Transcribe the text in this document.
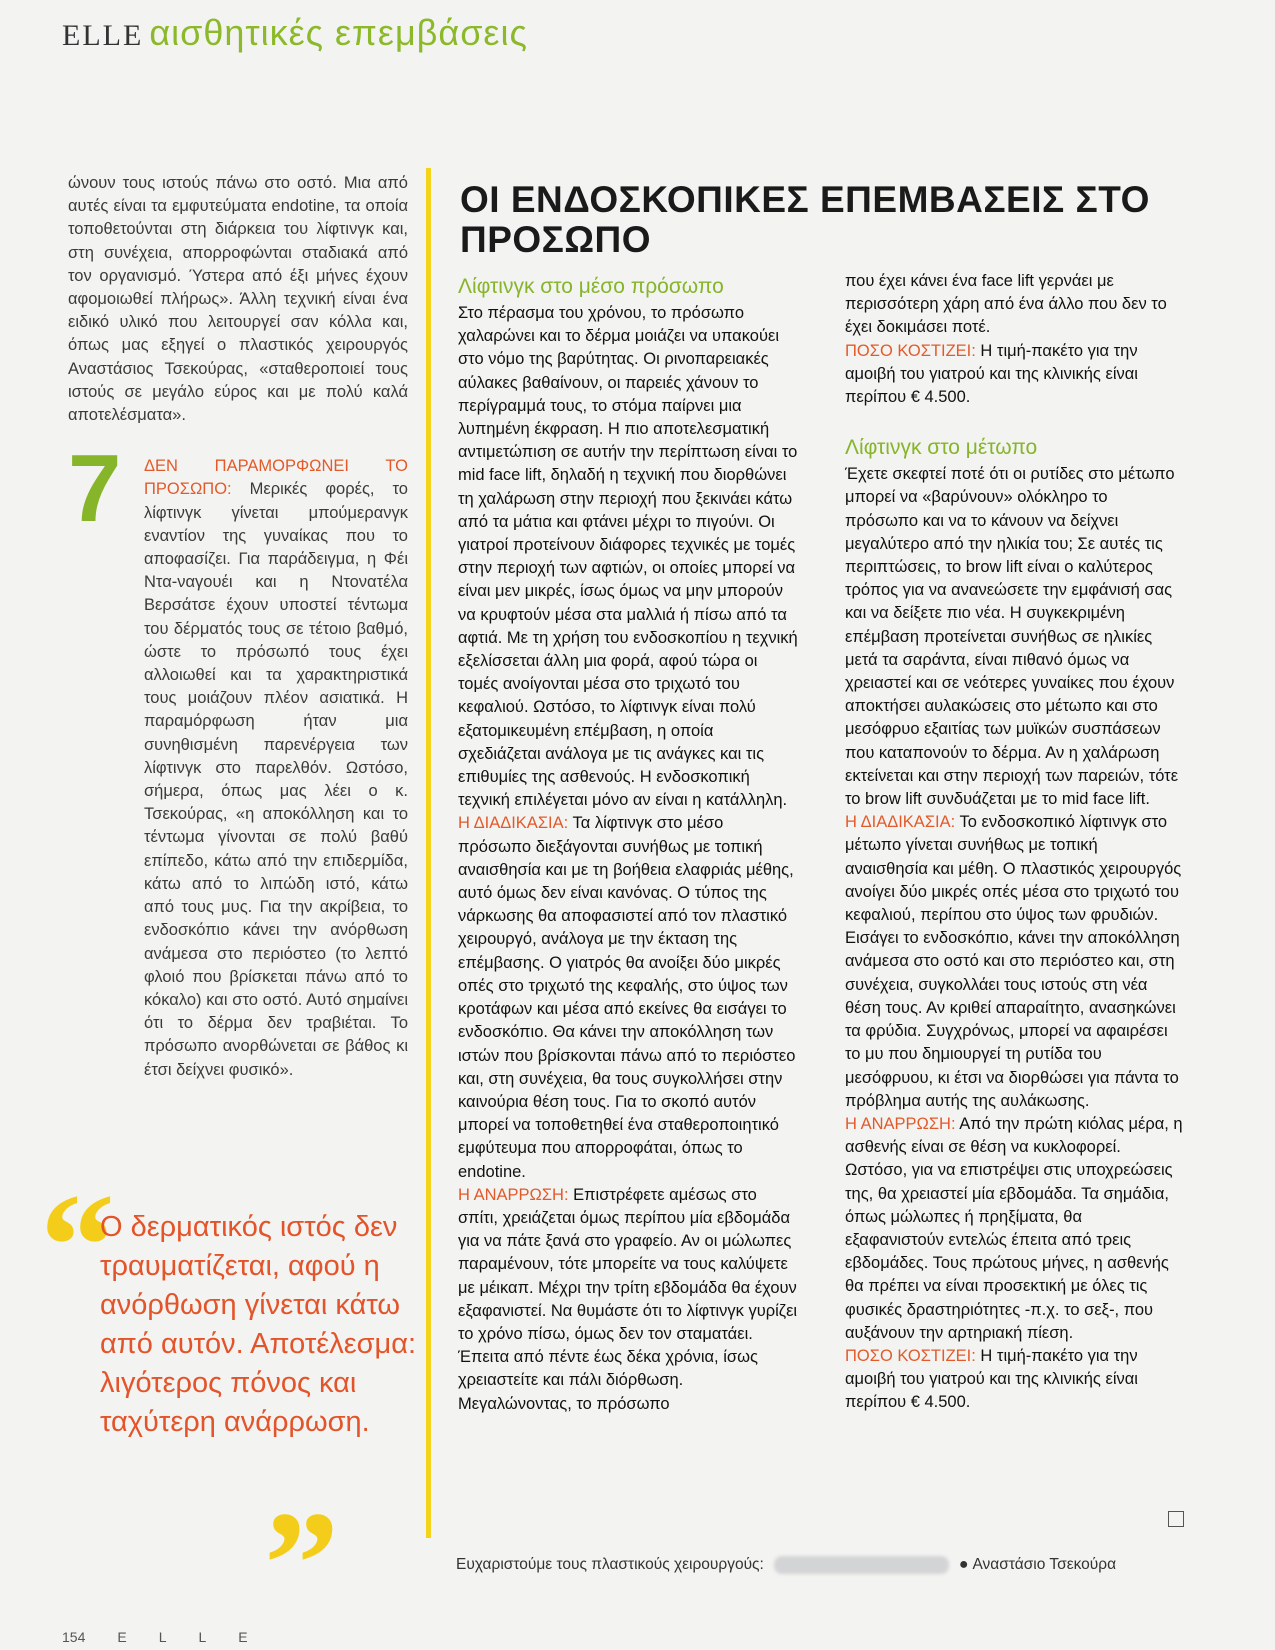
ELLE αισθητικές επεμβάσεις

ώνουν τους ιστούς πάνω στο οστό. Μια από αυτές είναι τα εμφυτεύματα endotine, τα οποία τοποθετούνται στη διάρκεια του λίφτινγκ και, στη συνέχεια, απορροφώνται σταδιακά από τον οργανισμό. Ύστερα από έξι μήνες έχουν αφομοιωθεί πλήρως». Άλλη τεχνική είναι ένα ειδικό υλικό που λειτουργεί σαν κόλλα και, όπως μας εξηγεί ο πλαστικός χειρουργός Αναστάσιος Τσεκούρας, «σταθεροποιεί τους ιστούς σε μεγάλο εύρος και με πολύ καλά αποτελέσματα».

7	ΔΕΝ ΠΑΡΑΜΟΡΦΩΝΕΙ ΤΟ ΠΡΟΣΩΠΟ: Μερικές φορές, το λίφτινγκ γίνεται μπούμερανγκ εναντίον της γυναίκας που το αποφασίζει. Για παράδειγμα, η Φέι Ντα-ναγουέι και η Ντονατέλα Βερσάτσε έχουν υποστεί τέντωμα του δέρματός τους σε τέτοιο βαθμό, ώστε το πρόσωπό τους έχει αλλοιωθεί και τα χαρακτηριστικά τους μοιάζουν πλέον ασιατικά. Η παραμόρφωση ήταν μια συνηθισμένη παρενέργεια των λίφτινγκ στο παρελθόν. Ωστόσο, σήμερα, όπως μας λέει ο κ. Τσεκούρας, «η αποκόλληση και το τέντωμα γίνονται σε πολύ βαθύ επίπεδο, κάτω από την επιδερμίδα, κάτω από το λιπώδη ιστό, κάτω από τους μυς. Για την ακρίβεια, το ενδοσκόπιο κάνει την ανόρθωση ανάμεσα στο περιόστεο (το λεπτό φλοιό που βρίσκεται πάνω από το κόκαλο) και στο οστό. Αυτό σημαίνει ότι το δέρμα δεν τραβιέται. Το πρόσωπο ανορθώνεται σε βάθος κι έτσι δείχνει φυσικό».

“
Ο δερματικός ιστός δεν τραυματίζεται, αφού η ανόρθωση γίνεται κάτω από αυτόν. Αποτέλεσμα: λιγότερος πόνος και ταχύτερη ανάρρωση.
”
ΟΙ ΕΝΔΟΣΚΟΠΙΚΕΣ ΕΠΕΜΒΑΣΕΙΣ ΣΤΟ ΠΡΟΣΩΠΟ
Λίφτινγκ στο μέσο πρόσωπο

Στο πέρασμα του χρόνου, το πρόσωπο χαλαρώνει και το δέρμα μοιάζει να υπακούει στο νόμο της βαρύτητας. Οι ρινοπαρειακές αύλακες βαθαίνουν, οι παρειές χάνουν το περίγραμμά τους, το στόμα παίρνει μια λυπημένη έκφραση. Η πιο αποτελεσματική αντιμετώπιση σε αυτήν την περίπτωση είναι το mid face lift, δηλαδή η τεχνική που διορθώνει τη χαλάρωση στην περιοχή που ξεκινάει κάτω από τα μάτια και φτάνει μέχρι το πιγούνι. Οι γιατροί προτείνουν διάφορες τεχνικές με τομές στην περιοχή των αφτιών, οι οποίες μπορεί να είναι μεν μικρές, ίσως όμως να μην μπορούν να κρυφτούν μέσα στα μαλλιά ή πίσω από τα αφτιά. Με τη χρήση του ενδοσκοπίου η τεχνική εξελίσσεται άλλη μια φορά, αφού τώρα οι τομές ανοίγονται μέσα στο τριχωτό του κεφαλιού. Ωστόσο, το λίφτινγκ είναι πολύ εξατομικευμένη επέμβαση, η οποία σχεδιάζεται ανάλογα με τις ανάγκες και τις επιθυμίες της ασθενούς. Η ενδοσκοπική τεχνική επιλέγεται μόνο αν είναι η κατάλληλη.

Η ΔΙΑΔΙΚΑΣΙΑ: Τα λίφτινγκ στο μέσο πρόσωπο διεξάγονται συνήθως με τοπική αναισθησία και με τη βοήθεια ελαφριάς μέθης, αυτό όμως δεν είναι κανόνας. Ο τύπος της νάρκωσης θα αποφασιστεί από τον πλαστικό χειρουργό, ανάλογα με την έκταση της επέμβασης. Ο γιατρός θα ανοίξει δύο μικρές οπές στο τριχωτό της κεφαλής, στο ύψος των κροτάφων και μέσα από εκείνες θα εισάγει το ενδοσκόπιο. Θα κάνει την αποκόλληση των ιστών που βρίσκονται πάνω από το περιόστεο και, στη συνέχεια, θα τους συγκολλήσει στην καινούρια θέση τους. Για το σκοπό αυτόν μπορεί να τοποθετηθεί ένα σταθεροποιητικό εμφύτευμα που απορροφάται, όπως το endotine.

Η ΑΝΑΡΡΩΣΗ: Επιστρέφετε αμέσως στο σπίτι, χρειάζεται όμως περίπου μία εβδομάδα για να πάτε ξανά στο γραφείο. Αν οι μώλωπες παραμένουν, τότε μπορείτε να τους καλύψετε με μέικαπ. Μέχρι την τρίτη εβδομάδα θα έχουν εξαφανιστεί. Να θυμάστε ότι το λίφτινγκ γυρίζει το χρόνο πίσω, όμως δεν τον σταματάει. Έπειτα από πέντε έως δέκα χρόνια, ίσως χρειαστείτε και πάλι διόρθωση. Μεγαλώνοντας, το πρόσωπο

που έχει κάνει ένα face lift γερνάει με περισσότερη χάρη από ένα άλλο που δεν το έχει δοκιμάσει ποτέ.

ΠΟΣΟ ΚΟΣΤΙΖΕΙ: Η τιμή-πακέτο για την αμοιβή του γιατρού και της κλινικής είναι περίπου € 4.500.

Λίφτινγκ στο μέτωπο

Έχετε σκεφτεί ποτέ ότι οι ρυτίδες στο μέτωπο μπορεί να «βαρύνουν» ολόκληρο το πρόσωπο και να το κάνουν να δείχνει μεγαλύτερο από την ηλικία του; Σε αυτές τις περιπτώσεις, το brow lift είναι ο καλύτερος τρόπος για να ανανεώσετε την εμφάνισή σας και να δείξετε πιο νέα. Η συγκεκριμένη επέμβαση προτείνεται συνήθως σε ηλικίες μετά τα σαράντα, είναι πιθανό όμως να χρειαστεί και σε νεότερες γυναίκες που έχουν αποκτήσει αυλακώσεις στο μέτωπο και στο μεσόφρυο εξαιτίας των μυϊκών συσπάσεων που καταπονούν το δέρμα. Αν η χαλάρωση εκτείνεται και στην περιοχή των παρειών, τότε το brow lift συνδυάζεται με το mid face lift.

Η ΔΙΑΔΙΚΑΣΙΑ: Το ενδοσκοπικό λίφτινγκ στο μέτωπο γίνεται συνήθως με τοπική αναισθησία και μέθη. Ο πλαστικός χειρουργός ανοίγει δύο μικρές οπές μέσα στο τριχωτό του κεφαλιού, περίπου στο ύψος των φρυδιών. Εισάγει το ενδοσκόπιο, κάνει την αποκόλληση ανάμεσα στο οστό και στο περιόστεο και, στη συνέχεια, συγκολλάει τους ιστούς στη νέα θέση τους. Αν κριθεί απαραίτητο, ανασηκώνει τα φρύδια. Συγχρόνως, μπορεί να αφαιρέσει το μυ που δημιουργεί τη ρυτίδα του μεσόφρυου, κι έτσι να διορθώσει για πάντα το πρόβλημα αυτής της αυλάκωσης.

Η ΑΝΑΡΡΩΣΗ: Από την πρώτη κιόλας μέρα, η ασθενής είναι σε θέση να κυκλοφορεί. Ωστόσο, για να επιστρέψει στις υποχρεώσεις της, θα χρειαστεί μία εβδομάδα. Τα σημάδια, όπως μώλωπες ή πρηξίματα, θα εξαφανιστούν εντελώς έπειτα από τρεις εβδομάδες. Τους πρώτους μήνες, η ασθενής θα πρέπει να είναι προσεκτική με όλες τις φυσικές δραστηριότητες -π.χ. το σεξ-, που αυξάνουν την αρτηριακή πίεση.

ΠΟΣΟ ΚΟΣΤΙΖΕΙ: Η τιμή-πακέτο για την αμοιβή του γιατρού και της κλινικής είναι περίπου € 4.500.

Ευχαριστούμε τους πλαστικούς χειρουργούς:	● Αναστάσιο Τσεκούρα
154 ELLE
